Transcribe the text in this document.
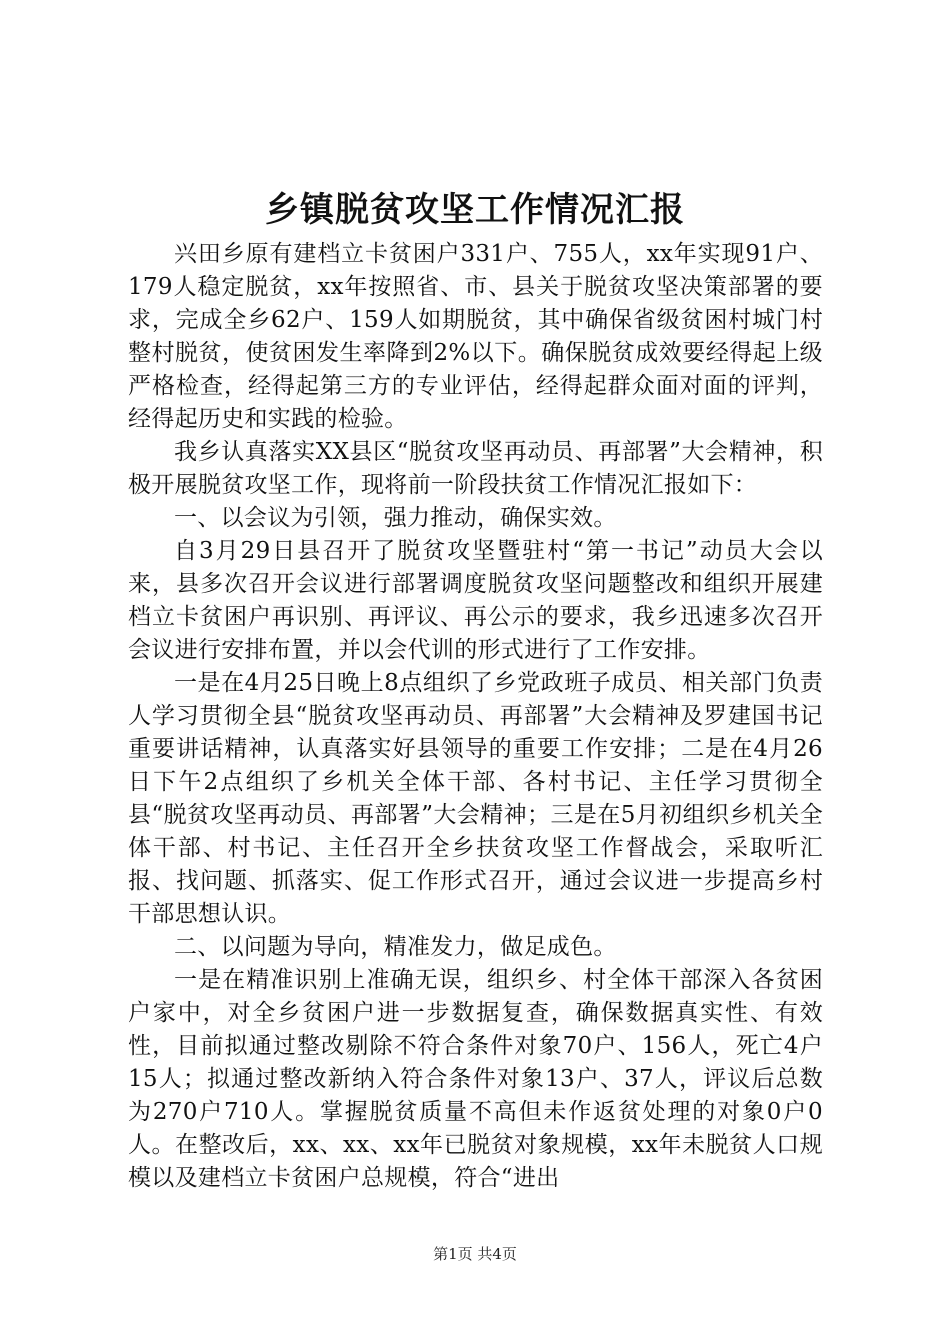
乡镇脱贫攻坚工作情况汇报

兴田乡原有建档立卡贫困户331户、755人，xx年实现91户、179人稳定脱贫，xx年按照省、市、县关于脱贫攻坚决策部署的要求，完成全乡62户、159人如期脱贫，其中确保省级贫困村城门村整村脱贫，使贫困发生率降到2%以下。确保脱贫成效要经得起上级严格检查，经得起第三方的专业评估，经得起群众面对面的评判，经得起历史和实践的检验。

我乡认真落实XX县区“脱贫攻坚再动员、再部署”大会精神，积极开展脱贫攻坚工作，现将前一阶段扶贫工作情况汇报如下：

一、以会议为引领，强力推动，确保实效。

自3月29日县召开了脱贫攻坚暨驻村“第一书记”动员大会以来，县多次召开会议进行部署调度脱贫攻坚问题整改和组织开展建档立卡贫困户再识别、再评议、再公示的要求，我乡迅速多次召开会议进行安排布置，并以会代训的形式进行了工作安排。

一是在4月25日晚上8点组织了乡党政班子成员、相关部门负责人学习贯彻全县“脱贫攻坚再动员、再部署”大会精神及罗建国书记重要讲话精神，认真落实好县领导的重要工作安排；二是在4月26日下午2点组织了乡机关全体干部、各村书记、主任学习贯彻全县“脱贫攻坚再动员、再部署”大会精神；三是在5月初组织乡机关全体干部、村书记、主任召开全乡扶贫攻坚工作督战会，采取听汇报、找问题、抓落实、促工作形式召开，通过会议进一步提高乡村干部思想认识。

二、以问题为导向，精准发力，做足成色。

一是在精准识别上准确无误，组织乡、村全体干部深入各贫困户家中，对全乡贫困户进一步数据复查，确保数据真实性、有效性，目前拟通过整改剔除不符合条件对象70户、156人，死亡4户15人；拟通过整改新纳入符合条件对象13户、37人，评议后总数为270户710人。掌握脱贫质量不高但未作返贫处理的对象0户0人。在整改后，xx、xx、xx年已脱贫对象规模，xx年未脱贫人口规模以及建档立卡贫困户总规模，符合“进出

第1页 共4页
